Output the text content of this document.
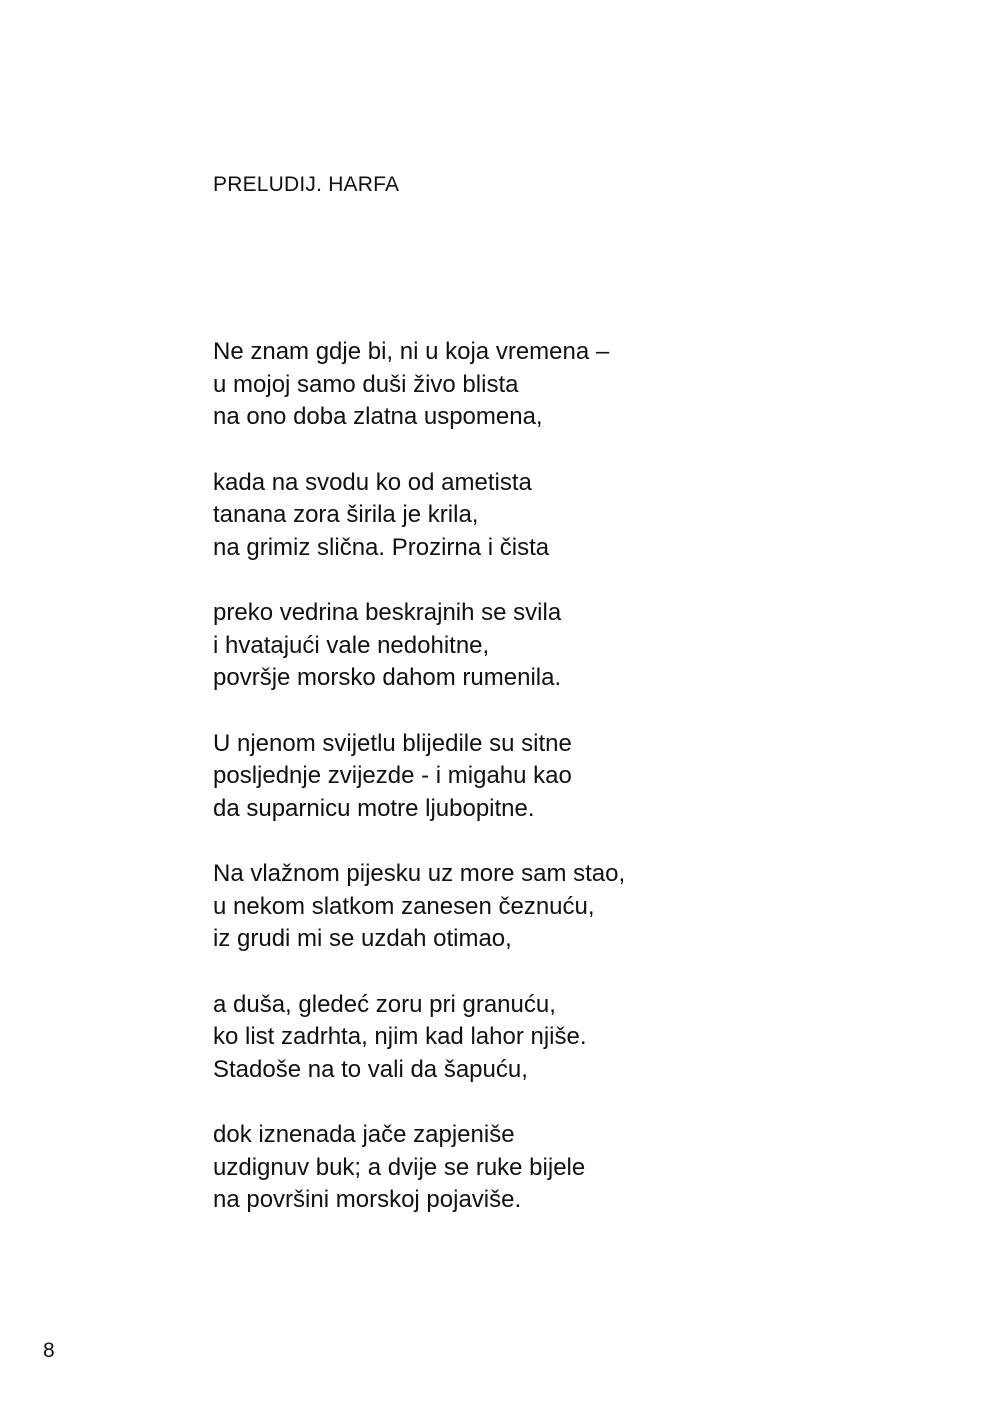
PRELUDIJ. HARFA
Ne znam gdje bi, ni u koja vremena –
u mojoj samo duši živo blista
na ono doba zlatna uspomena,
kada na svodu ko od ametista
tanana zora širila je krila,
na grimiz slična. Prozirna i čista
preko vedrina beskrajnih se svila
i hvatajući vale nedohitne,
površje morsko dahom rumenila.
U njenom svijetlu blijedile su sitne
posljednje zvijezde - i migahu kao
da suparnicu motre ljubopitne.
Na vlažnom pijesku uz more sam stao,
u nekom slatkom zanesen čeznuću,
iz grudi mi se uzdah otimao,
a duša, gledeć zoru pri granuću,
ko list zadrhta, njim kad lahor njiše.
Stadoše na to vali da šapuću,
dok iznenada jače zapjeniše
uzdignuv buk; a dvije se ruke bijele
na površini morskoj pojaviše.
8
